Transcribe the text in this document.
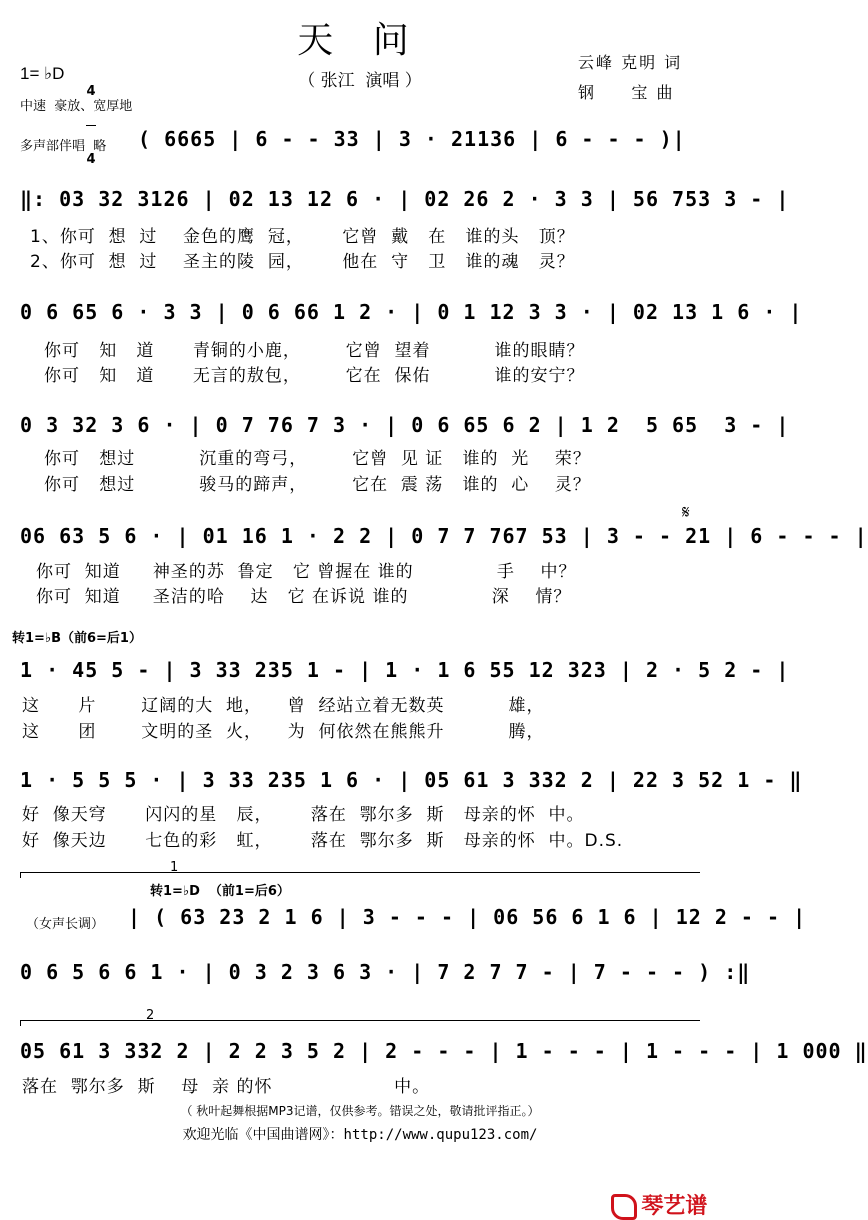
天 问
（ 张江  演唱 ）
1= ♭D

4

4

中速  豪放、宽厚地
云峰 克明 词
钢     宝 曲
多声部伴唱  略 ( 6665 | 6 - - 33 | 3 · 21136 | 6 - - - )|
‖: 03 32 3126 | 02 13 12 6 · | 02 26 2 · 3 3 | 56 753 3 - |
1、你可  想  过    金色的鹰  冠，      它曾  戴   在   谁的头   顶？
2、你可  想  过    圣主的陵  园，      他在  守   卫   谁的魂   灵？
0 6 65 6 · 3 3 | 0 6 66 1 2 · | 0 1 12 3 3 · | 02 13 1 6 · |
你可   知   道      青铜的小鹿，       它曾  望着          谁的眼睛？
你可   知   道      无言的敖包，       它在  保佑          谁的安宁？
0 3 32 3 6 · | 0 7 76 7 3 · | 0 6 65 6 2 | 1 2  5 65  3 - |
你可   想过          沉重的弯弓，       它曾  见 证   谁的  光    荣？
你可   想过          骏马的蹄声，       它在  震 荡   谁的  心    灵？
𝄋
06 63 5 6 · | 01 16 1 · 2 2 | 0 7 7 767 53 | 3 - - 21 | 6 - - - |
你可  知道     神圣的苏  鲁定   它 曾握在 谁的             手    中？
你可  知道     圣洁的哈    达   它 在诉说 谁的             深    情？
转1=♭B（前6=后1）
1 · 45 5 - | 3 33 235 1 - | 1 · 1 6 55 12 323 | 2 · 5 2 - |
这      片       辽阔的大  地，    曾  经站立着无数英          雄，
这      团       文明的圣  火，    为  何依然在熊熊升          腾，
1 · 5 5 5 · | 3 33 235 1 6 · | 05 61 3 332 2 | 22 3 52 1 - ‖
好  像天穹      闪闪的星   辰，      落在  鄂尔多  斯   母亲的怀  中。
好  像天边      七色的彩   虹，      落在  鄂尔多  斯   母亲的怀  中。D.S.
1
转1=♭D  （前1=后6）
（女声长调） | ( 63 23 2 1 6 | 3 - - - | 06 56 6 1 6 | 12 2 - - |
0 6 5 6 6 1 · | 0 3 2 3 6 3 · | 7 2 7 7 - | 7 - - - ) :‖
2
05 61 3 332 2 | 2 2 3 5 2 | 2 - - - | 1 - - - | 1 - - - | 1 000 ‖
落在  鄂尔多  斯    母  亲 的怀                   中。
（ 秋叶起舞根据MP3记谱，仅供参考。错误之处，敬请批评指正。）
欢迎光临《中国曲谱网》：http://www.qupu123.com/

琴艺谱
